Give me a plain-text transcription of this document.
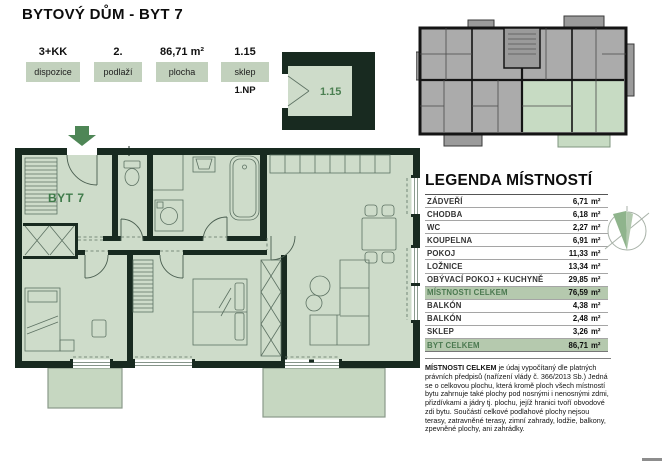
BYTOVÝ DŮM - BYT 7
3+KK
dispozice
2.
podlaží
86,71 m²
plocha
1.15
sklep
1.NP	1.15
BYT 7
LEGENDA MÍSTNOSTÍ
ZÁDVEŘÍ	6,71 m²
CHODBA	6,18 m²
WC	2,27 m²
KOUPELNA	6,91 m²
POKOJ	11,33 m²
LOŽNICE	13,34 m²
OBÝVACÍ POKOJ + KUCHYNĚ	29,85 m²
MÍSTNOSTI CELKEM	76,59 m²
BALKÓN	4,38 m²
BALKÓN	2,48 m²
SKLEP	3,26 m²
BYT CELKEM	86,71 m²
MÍSTNOSTI CELKEM je údaj vypočítaný dle platných právních předpisů (nařízení vlády č. 366/2013 Sb.) Jedná se o celkovou plochu, která kromě ploch všech místností bytu zahrnuje také plochy pod nosnými i nenosnými zdmi, přizdívkami a jádry tj. plochu, jejíž hranici tvoří obvodové zdi bytu. Součástí celkové podlahové plochy nejsou terasy, zatravněné terasy, zimní zahrady, lodžie, balkony, zpevněné plochy, ani zahrádky.
